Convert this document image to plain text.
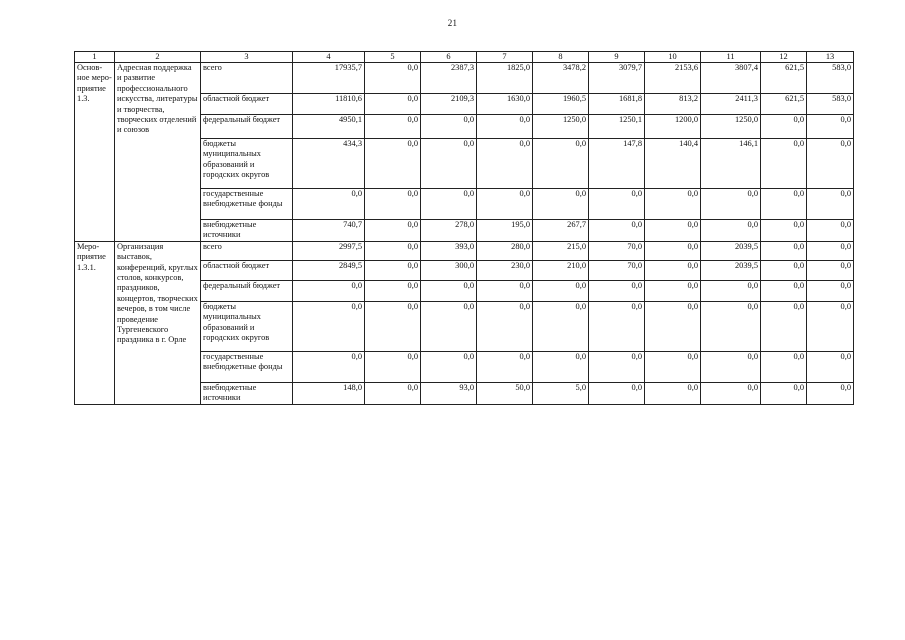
21
1	2	3	4	5	6	7	8	9	10	11	12	13
Основ-ное меро-приятие 1.3.	Адресная поддержка и развитие профессионального искусства, литературы и творчества, творческих отделений и союзов	всего	17935,7	0,0	2387,3	1825,0	3478,2	3079,7	2153,6	3807,4	621,5	583,0
		областной бюджет	11810,6	0,0	2109,3	1630,0	1960,5	1681,8	813,2	2411,3	621,5	583,0
		федеральный бюджет	4950,1	0,0	0,0	0,0	1250,0	1250,1	1200,0	1250,0	0,0	0,0
		бюджеты муниципальных образований и городских округов	434,3	0,0	0,0	0,0	0,0	147,8	140,4	146,1	0,0	0,0
		государственные внебюджетные фонды	0,0	0,0	0,0	0,0	0,0	0,0	0,0	0,0	0,0	0,0
		внебюджетные источники	740,7	0,0	278,0	195,0	267,7	0,0	0,0	0,0	0,0	0,0
Меро-приятие 1.3.1.	Организация выставок, конференций, круглых столов, конкурсов, праздников, концертов, творческих вечеров, в том числе проведение Тургеневского праздника в г. Орле	всего	2997,5	0,0	393,0	280,0	215,0	70,0	0,0	2039,5	0,0	0,0
		областной бюджет	2849,5	0,0	300,0	230,0	210,0	70,0	0,0	2039,5	0,0	0,0
		федеральный бюджет	0,0	0,0	0,0	0,0	0,0	0,0	0,0	0,0	0,0	0,0
		бюджеты муниципальных образований и городских округов	0,0	0,0	0,0	0,0	0,0	0,0	0,0	0,0	0,0	0,0
		государственные внебюджетные фонды	0,0	0,0	0,0	0,0	0,0	0,0	0,0	0,0	0,0	0,0
		внебюджетные источники	148,0	0,0	93,0	50,0	5,0	0,0	0,0	0,0	0,0	0,0
